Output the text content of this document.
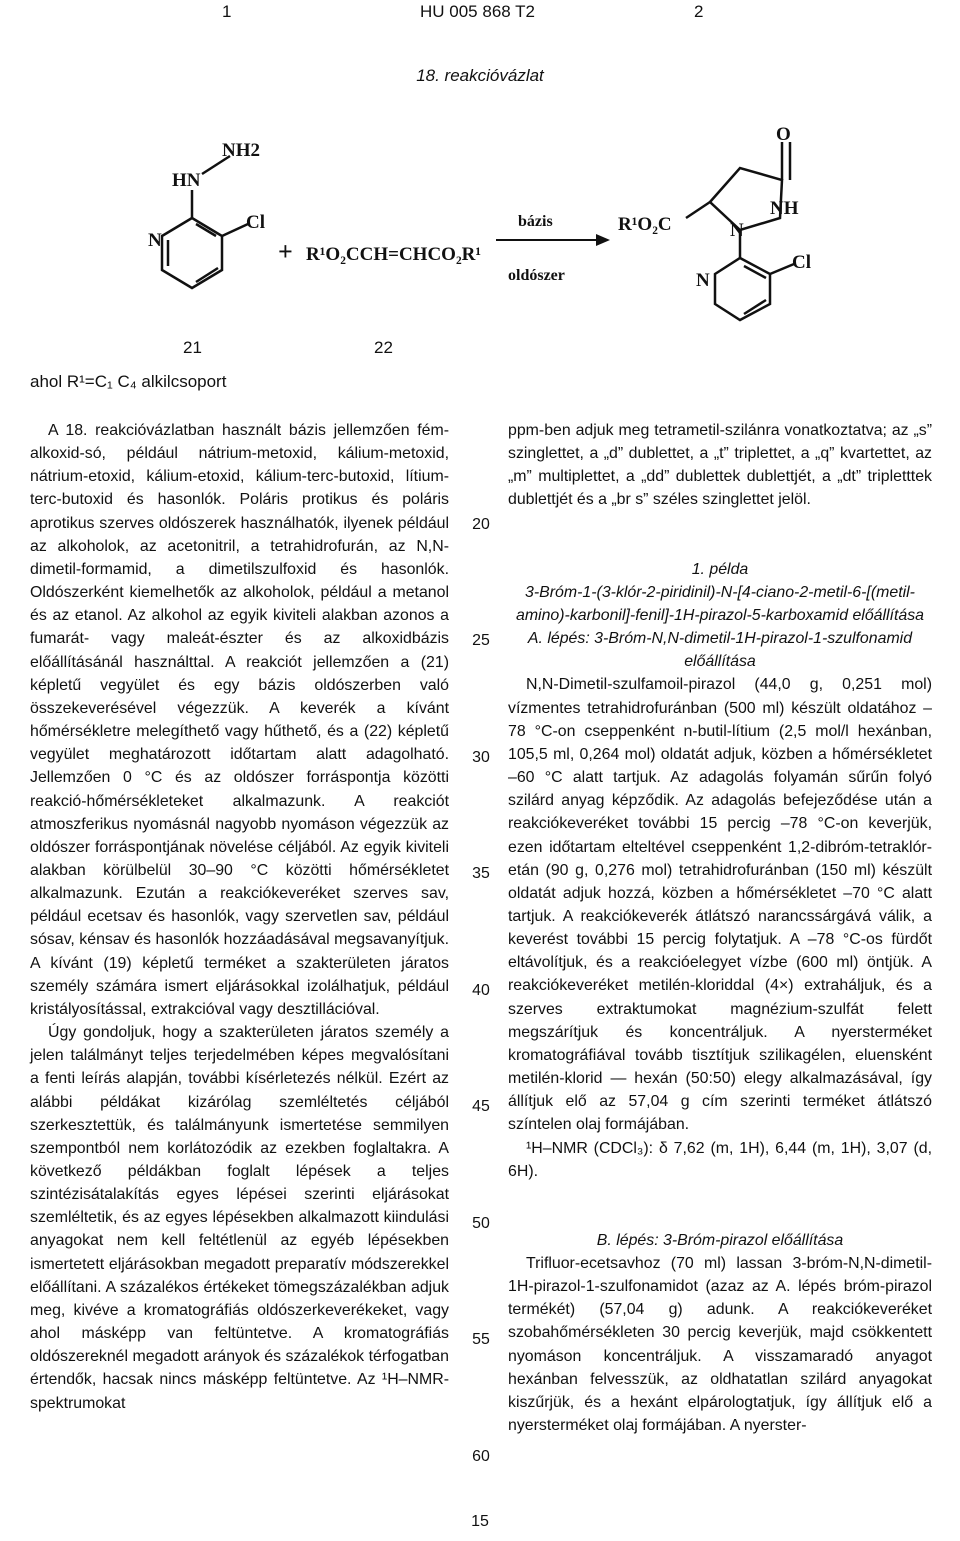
1	HU 005 868 T2	2
18. reakcióvázlat
NH2
HN
N
Cl
+ R¹O₂CCH=CHCO₂R¹
bázis
oldószer
R¹O₂C
O
NH
N
N
Cl
21	22
ahol R¹=C₁ C₄ alkilcsoport

A 18. reakcióvázlatban használt bázis jellemzően fém-alkoxid-só, például nátrium-metoxid, kálium-metoxid, nátrium-etoxid, kálium-etoxid, kálium-terc-butoxid, lítium-terc-butoxid és hasonlók. Poláris protikus és poláris aprotikus szerves oldószerek használhatók, ilyenek például az alkoholok, az acetonitril, a tetrahidrofurán, az N,N-dimetil-formamid, a dimetilszulfoxid és hasonlók. Oldószerként kiemelhetők az alkoholok, például a metanol és az etanol. Az alkohol az egyik kiviteli alakban azonos a fumarát- vagy maleát-észter és az alkoxidbázis előállításánál használttal. A reakciót jellemzően a (21) képletű vegyület és egy bázis oldószerben való összekeverésével végezzük. A keverék a kívánt hőmérsékletre melegíthető vagy hűthető, és a (22) képletű vegyület meghatározott időtartam alatt adagolható. Jellemzően 0 °C és az oldószer forráspontja közötti reakció-hőmérsékleteket alkalmazunk. A reakciót atmoszferikus nyomásnál nagyobb nyomáson végezzük az oldószer forráspontjának növelése céljából. Az egyik kiviteli alakban körülbelül 30–90 °C közötti hőmérsékletet alkalmazunk. Ezután a reakciókeveréket szerves sav, például ecetsav és hasonlók, vagy szervetlen sav, például sósav, kénsav és hasonlók hozzáadásával megsavanyítjuk. A kívánt (19) képletű terméket a szakterületen járatos személy számára ismert eljárásokkal izolálhatjuk, például kristályosítással, extrakcióval vagy desztillációval.

Úgy gondoljuk, hogy a szakterületen járatos személy a jelen találmányt teljes terjedelmében képes megvalósítani a fenti leírás alapján, további kísérletezés nélkül. Ezért az alábbi példákat kizárólag szemléltetés céljából szerkesztettük, és találmányunk ismertetése semmilyen szempontból nem korlátozódik az ezekben foglaltakra. A következő példákban foglalt lépések a teljes szintézisátalakítás egyes lépései szerinti eljárásokat szemléltetik, és az egyes lépésekben alkalmazott kiindulási anyagokat nem kell feltétlenül az egyéb lépésekben ismertetett eljárásokban megadott preparatív módszerekkel előállítani. A százalékos értékeket tömegszázalékban adjuk meg, kivéve a kromatográfiás oldószerkeverékeket, vagy ahol másképp van feltüntetve. A kromatográfiás oldószereknél megadott arányok és százalékok térfogatban értendők, hacsak nincs másképp feltüntetve. Az ¹H–NMR-spektrumokat

ppm-ben adjuk meg tetrametil-szilánra vonatkoztatva; az „s” szinglettet, a „d” dublettet, a „t” triplettet, a „q” kvartettet, az „m” multiplettet, a „dd” dublettek dublettjét, a „dt” tripletttek dublettjét és a „br s” széles szinglettet jelöl.

1. példa

3-Bróm-1-(3-klór-2-piridinil)-N-[4-ciano-2-metil-6-[(metil-amino)-karbonil]-fenil]-1H-pirazol-5-karboxamid előállítása

A. lépés: 3-Bróm-N,N-dimetil-1H-pirazol-1-szulfonamid előállítása

N,N-Dimetil-szulfamoil-pirazol (44,0 g, 0,251 mol) vízmentes tetrahidrofuránban (500 ml) készült oldatához –78 °C-on cseppenként n-butil-lítium (2,5 mol/l hexánban, 105,5 ml, 0,264 mol) oldatát adjuk, közben a hőmérsékletet –60 °C alatt tartjuk. Az adagolás folyamán sűrűn folyó szilárd anyag képződik. Az adagolás befejeződése után a reakciókeveréket további 15 percig –78 °C-on keverjük, ezen időtartam elteltével cseppenként 1,2-dibróm-tetraklór-etán (90 g, 0,276 mol) tetrahidrofuránban (150 ml) készült oldatát adjuk hozzá, közben a hőmérsékletet –70 °C alatt tartjuk. A reakciókeverék átlátszó narancssárgává válik, a keverést további 15 percig folytatjuk. A –78 °C-os fürdőt eltávolítjuk, és a reakcióelegyet vízbe (600 ml) öntjük. A reakciókeveréket metilén-kloriddal (4×) extraháljuk, és a szerves extraktumokat magnézium-szulfát felett megszárítjuk és koncentráljuk. A nyersterméket kromatográfiával tovább tisztítjuk szilikagélen, eluensként metilén-klorid — hexán (50:50) elegy alkalmazásával, így állítjuk elő az 57,04 g cím szerinti terméket átlátszó színtelen olaj formájában.

¹H–NMR (CDCl₃): δ 7,62 (m, 1H), 6,44 (m, 1H), 3,07 (d, 6H).

B. lépés: 3-Bróm-pirazol előállítása

Trifluor-ecetsavhoz (70 ml) lassan 3-bróm-N,N-dimetil-1H-pirazol-1-szulfonamidot (azaz az A. lépés bróm-pirazol termékét) (57,04 g) adunk. A reakciókeveréket szobahőmérsékleten 30 percig keverjük, majd csökkentett nyomáson koncentráljuk. A visszamaradó anyagot hexánban felvesszük, az oldhatatlan szilárd anyagokat kiszűrjük, és a hexánt elpárologtatjuk, így állítjuk elő a nyersterméket olaj formájában. A nyerster-

20
25
30
35
40
45
50
55
60
15
